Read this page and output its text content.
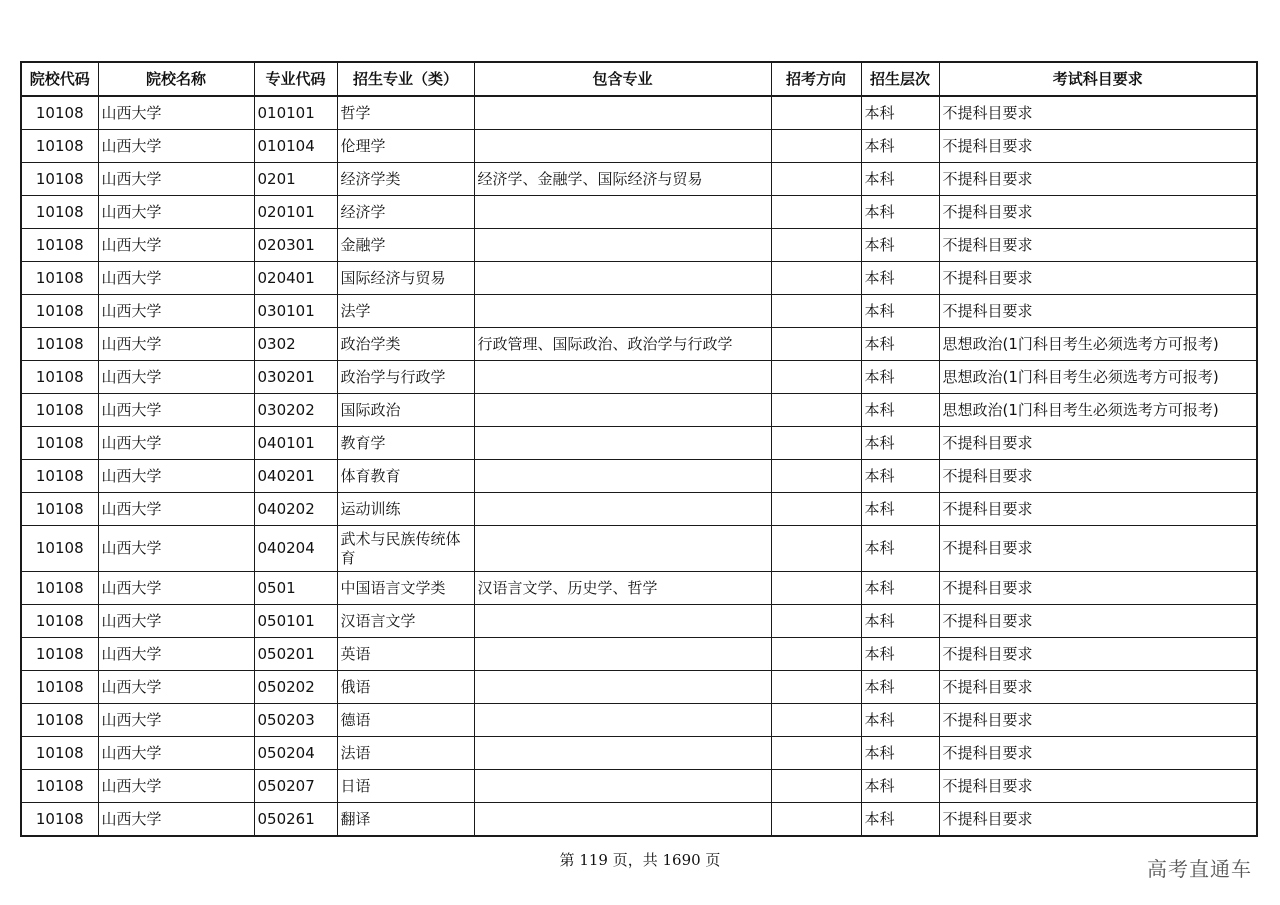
院校代码	院校名称	专业代码	招生专业（类）	包含专业	招考方向	招生层次	考试科目要求
10108	山西大学	010101	哲学			本科	不提科目要求
10108	山西大学	010104	伦理学			本科	不提科目要求
10108	山西大学	0201	经济学类	经济学、金融学、国际经济与贸易		本科	不提科目要求
10108	山西大学	020101	经济学			本科	不提科目要求
10108	山西大学	020301	金融学			本科	不提科目要求
10108	山西大学	020401	国际经济与贸易			本科	不提科目要求
10108	山西大学	030101	法学			本科	不提科目要求
10108	山西大学	0302	政治学类	行政管理、国际政治、政治学与行政学		本科	思想政治(1门科目考生必须选考方可报考)
10108	山西大学	030201	政治学与行政学			本科	思想政治(1门科目考生必须选考方可报考)
10108	山西大学	030202	国际政治			本科	思想政治(1门科目考生必须选考方可报考)
10108	山西大学	040101	教育学			本科	不提科目要求
10108	山西大学	040201	体育教育			本科	不提科目要求
10108	山西大学	040202	运动训练			本科	不提科目要求
10108	山西大学	040204	武术与民族传统体育			本科	不提科目要求
10108	山西大学	0501	中国语言文学类	汉语言文学、历史学、哲学		本科	不提科目要求
10108	山西大学	050101	汉语言文学			本科	不提科目要求
10108	山西大学	050201	英语			本科	不提科目要求
10108	山西大学	050202	俄语			本科	不提科目要求
10108	山西大学	050203	德语			本科	不提科目要求
10108	山西大学	050204	法语			本科	不提科目要求
10108	山西大学	050207	日语			本科	不提科目要求
10108	山西大学	050261	翻译			本科	不提科目要求
第 119 页，共 1690 页	高考直通车
